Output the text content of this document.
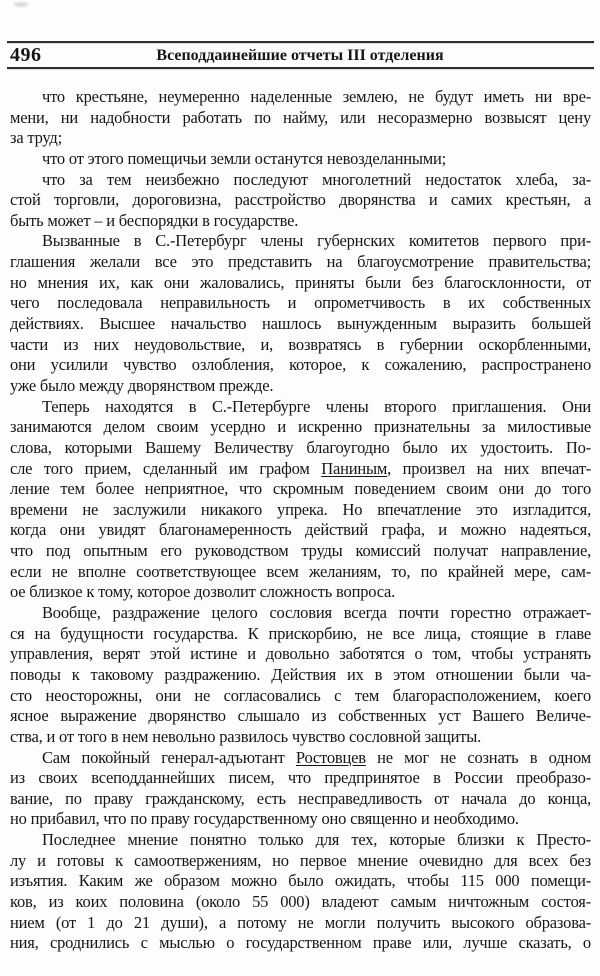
496	Всеподдаинейшие отчеты III отделения
что крестьяне, неумеренно наделенные землею, не будут иметь ни вре-
мени, ни надобности работать по найму, или несоразмерно возвысят цену
за труд;
что от этого помещичьи земли останутся невозделанными;
что за тем неизбежно последуют многолетний недостаток хлеба, за-
стой торговли, дороговизна, расстройство дворянства и самих крестьян, а
быть может – и беспорядки в государстве.
Вызванные в С.-Петербург члены губернских комитетов первого при-
глашения желали все это представить на благоусмотрение правительства;
но мнения их, как они жаловались, приняты были без благосклонности, от
чего последовала неправильность и опрометчивость в их собственных
действиях. Высшее начальство нашлось вынужденным выразить большей
части из них неудовольствие, и, возвратясь в губернии оскорбленными,
они усилили чувство озлобления, которое, к сожалению, распространено
уже было между дворянством прежде.
Теперь находятся в С.-Петербурге члены второго приглашения. Они
занимаются делом своим усердно и искренно признательны за милостивые
слова, которыми Вашему Величеству благоугодно было их удостоить. По-
сле того прием, сделанный им графом Паниным, произвел на них впечат-
ление тем более неприятное, что скромным поведением своим они до того
времени не заслужили никакого упрека. Но впечатление это изгладится,
когда они увидят благонамеренность действий графа, и можно надеяться,
что под опытным его руководством труды комиссий получат направление,
если не вполне соответствующее всем желаниям, то, по крайней мере, сам-
ое близкое к тому, которое дозволит сложность вопроса.
Вообще, раздражение целого сословия всегда почти горестно отражает-
ся на будущности государства. К прискорбию, не все лица, стоящие в главе
управления, верят этой истине и довольно заботятся о том, чтобы устранять
поводы к таковому раздражению. Действия их в этом отношении были ча-
сто неосторожны, они не согласовались с тем благорасположением, коего
ясное выражение дворянство слышало из собственных уст Вашего Величе-
ства, и от того в нем невольно развилось чувство сословной защиты.
Сам покойный генерал-адъютант Ростовцев не мог не сознать в одном
из своих всеподданнейших писем, что предпринятое в России преобразо-
вание, по праву гражданскому, есть несправедливость от начала до конца,
но прибавил, что по праву государственному оно священно и необходимо.
Последнее мнение понятно только для тех, которые близки к Престо-
лу и готовы к самоотвержениям, но первое мнение очевидно для всех без
изъятия. Каким же образом можно было ожидать, чтобы 115 000 помещи-
ков, из коих половина (около 55 000) владеют самым ничтожным состоя-
нием (от 1 до 21 души), а потому не могли получить высокого образова-
ния, сроднились с мыслью о государственном праве или, лучше сказать, о
